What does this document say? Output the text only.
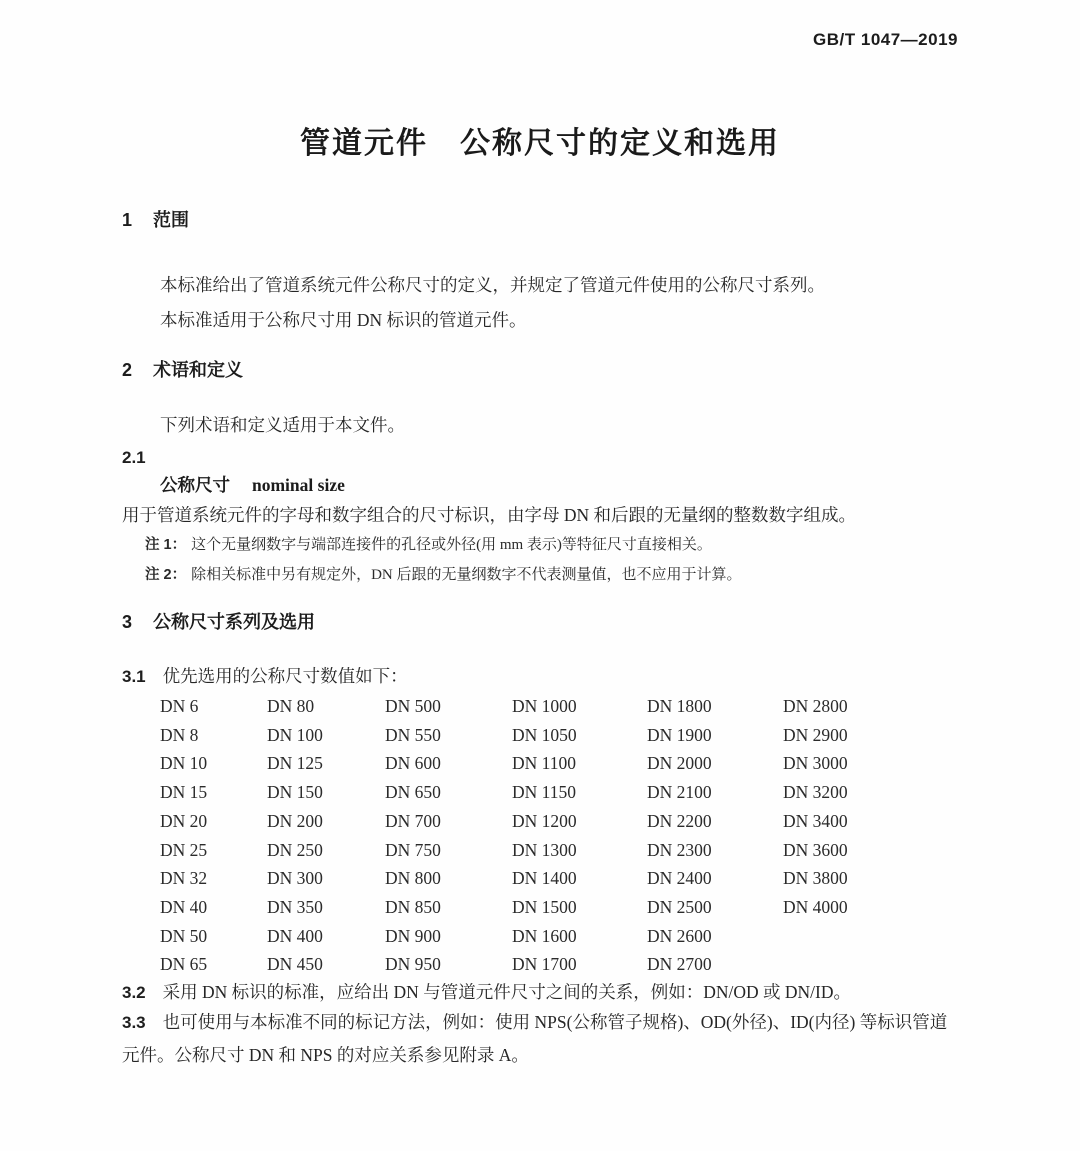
GB/T 1047—2019
管道元件　公称尺寸的定义和选用
1 范围

本标准给出了管道系统元件公称尺寸的定义，并规定了管道元件使用的公称尺寸系列。

本标准适用于公称尺寸用 DN 标识的管道元件。

2 术语和定义

下列术语和定义适用于本文件。

2.1
公称尺寸 nominal size

用于管道系统元件的字母和数字组合的尺寸标识，由字母 DN 和后跟的无量纲的整数数字组成。

注 1： 这个无量纲数字与端部连接件的孔径或外径(用 mm 表示)等特征尺寸直接相关。
注 2： 除相关标准中另有规定外，DN 后跟的无量纲数字不代表测量值，也不应用于计算。
3 公称尺寸系列及选用

3.1 优先选用的公称尺寸数值如下：

DN 6	DN 80	DN 500	DN 1000	DN 1800	DN 2800
DN 8	DN 100	DN 550	DN 1050	DN 1900	DN 2900
DN 10	DN 125	DN 600	DN 1100	DN 2000	DN 3000
DN 15	DN 150	DN 650	DN 1150	DN 2100	DN 3200
DN 20	DN 200	DN 700	DN 1200	DN 2200	DN 3400
DN 25	DN 250	DN 750	DN 1300	DN 2300	DN 3600
DN 32	DN 300	DN 800	DN 1400	DN 2400	DN 3800
DN 40	DN 350	DN 850	DN 1500	DN 2500	DN 4000
DN 50	DN 400	DN 900	DN 1600	DN 2600
DN 65	DN 450	DN 950	DN 1700	DN 2700

3.2 采用 DN 标识的标准，应给出 DN 与管道元件尺寸之间的关系，例如：DN/OD 或 DN/ID。

3.3 也可使用与本标准不同的标记方法，例如：使用 NPS(公称管子规格)、OD(外径)、ID(内径) 等标识管道元件。公称尺寸 DN 和 NPS 的对应关系参见附录 A。
